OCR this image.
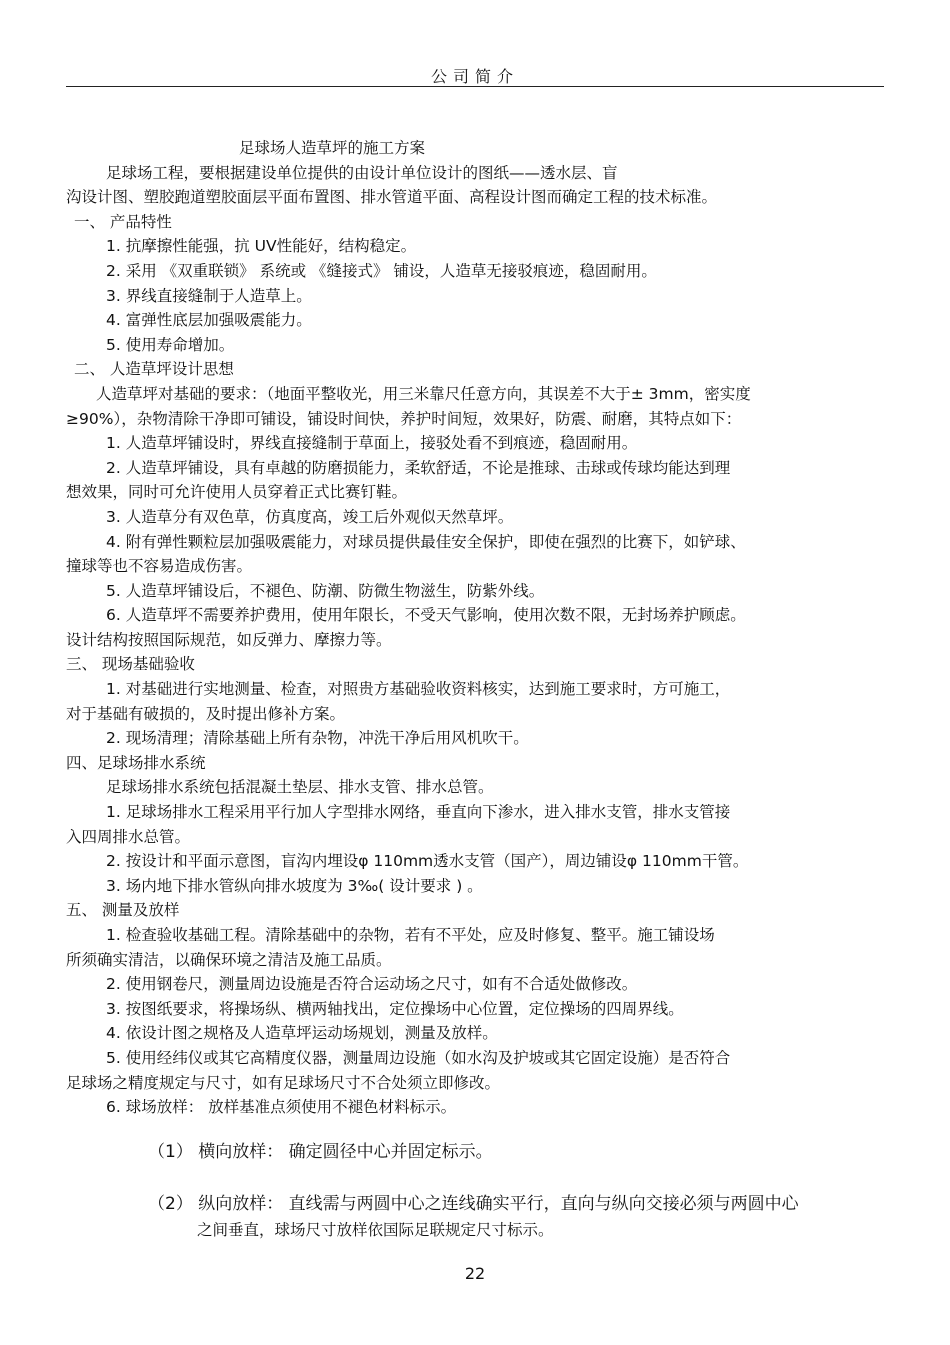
公司简介
足球场人造草坪的施工方案
足球场工程，要根据建设单位提供的由设计单位设计的图纸——透水层、盲
沟设计图、塑胶跑道塑胶面层平面布置图、排水管道平面、高程设计图而确定工程的技术标准。
一、 产品特性
1. 抗摩擦性能强，抗 UV性能好，结构稳定。
2. 采用 《双重联锁》 系统或 《缝接式》 铺设，人造草无接驳痕迹，稳固耐用。
3. 界线直接缝制于人造草上。
4. 富弹性底层加强吸震能力。
5. 使用寿命增加。
二、 人造草坪设计思想
人造草坪对基础的要求：（地面平整收光，用三米靠尺任意方向，其误差不大于± 3mm，密实度
≥90%），杂物清除干净即可铺设，铺设时间快，养护时间短，效果好，防震、耐磨，其特点如下：
1. 人造草坪铺设时，界线直接缝制于草面上，接驳处看不到痕迹，稳固耐用。
2. 人造草坪铺设，具有卓越的防磨损能力，柔软舒适，不论是推球、击球或传球均能达到理
想效果，同时可允许使用人员穿着正式比赛钉鞋。
3. 人造草分有双色草，仿真度高，竣工后外观似天然草坪。
4. 附有弹性颗粒层加强吸震能力，对球员提供最佳安全保护，即使在强烈的比赛下，如铲球、
撞球等也不容易造成伤害。
5. 人造草坪铺设后，不褪色、防潮、防微生物滋生，防紫外线。
6. 人造草坪不需要养护费用，使用年限长，不受天气影响，使用次数不限，无封场养护顾虑。
设计结构按照国际规范，如反弹力、摩擦力等。
三、 现场基础验收
1. 对基础进行实地测量、检查，对照贵方基础验收资料核实，达到施工要求时，方可施工，
对于基础有破损的，及时提出修补方案。
2. 现场清理；清除基础上所有杂物，冲洗干净后用风机吹干。
四、足球场排水系统
足球场排水系统包括混凝土垫层、排水支管、排水总管。
1. 足球场排水工程采用平行加人字型排水网络，垂直向下渗水，进入排水支管，排水支管接
入四周排水总管。
2. 按设计和平面示意图，盲沟内埋设φ 110mm透水支管（国产），周边铺设φ 110mm干管。
3. 场内地下排水管纵向排水坡度为 3‰( 设计要求 ) 。
五、 测量及放样
1. 检查验收基础工程。清除基础中的杂物，若有不平处，应及时修复、整平。施工铺设场
所须确实清洁，以确保环境之清洁及施工品质。
2. 使用钢卷尺，测量周边设施是否符合运动场之尺寸，如有不合适处做修改。
3. 按图纸要求，将操场纵、横两轴找出，定位操场中心位置，定位操场的四周界线。
4. 依设计图之规格及人造草坪运动场规划，测量及放样。
5. 使用经纬仪或其它高精度仪器，测量周边设施（如水沟及护坡或其它固定设施）是否符合
足球场之精度规定与尺寸，如有足球场尺寸不合处须立即修改。
6. 球场放样： 放样基准点须使用不褪色材料标示。
（1） 横向放样： 确定圆径中心并固定标示。
（2） 纵向放样： 直线需与两圆中心之连线确实平行，直向与纵向交接必须与两圆中心
之间垂直，球场尺寸放样依国际足联规定尺寸标示。
22
